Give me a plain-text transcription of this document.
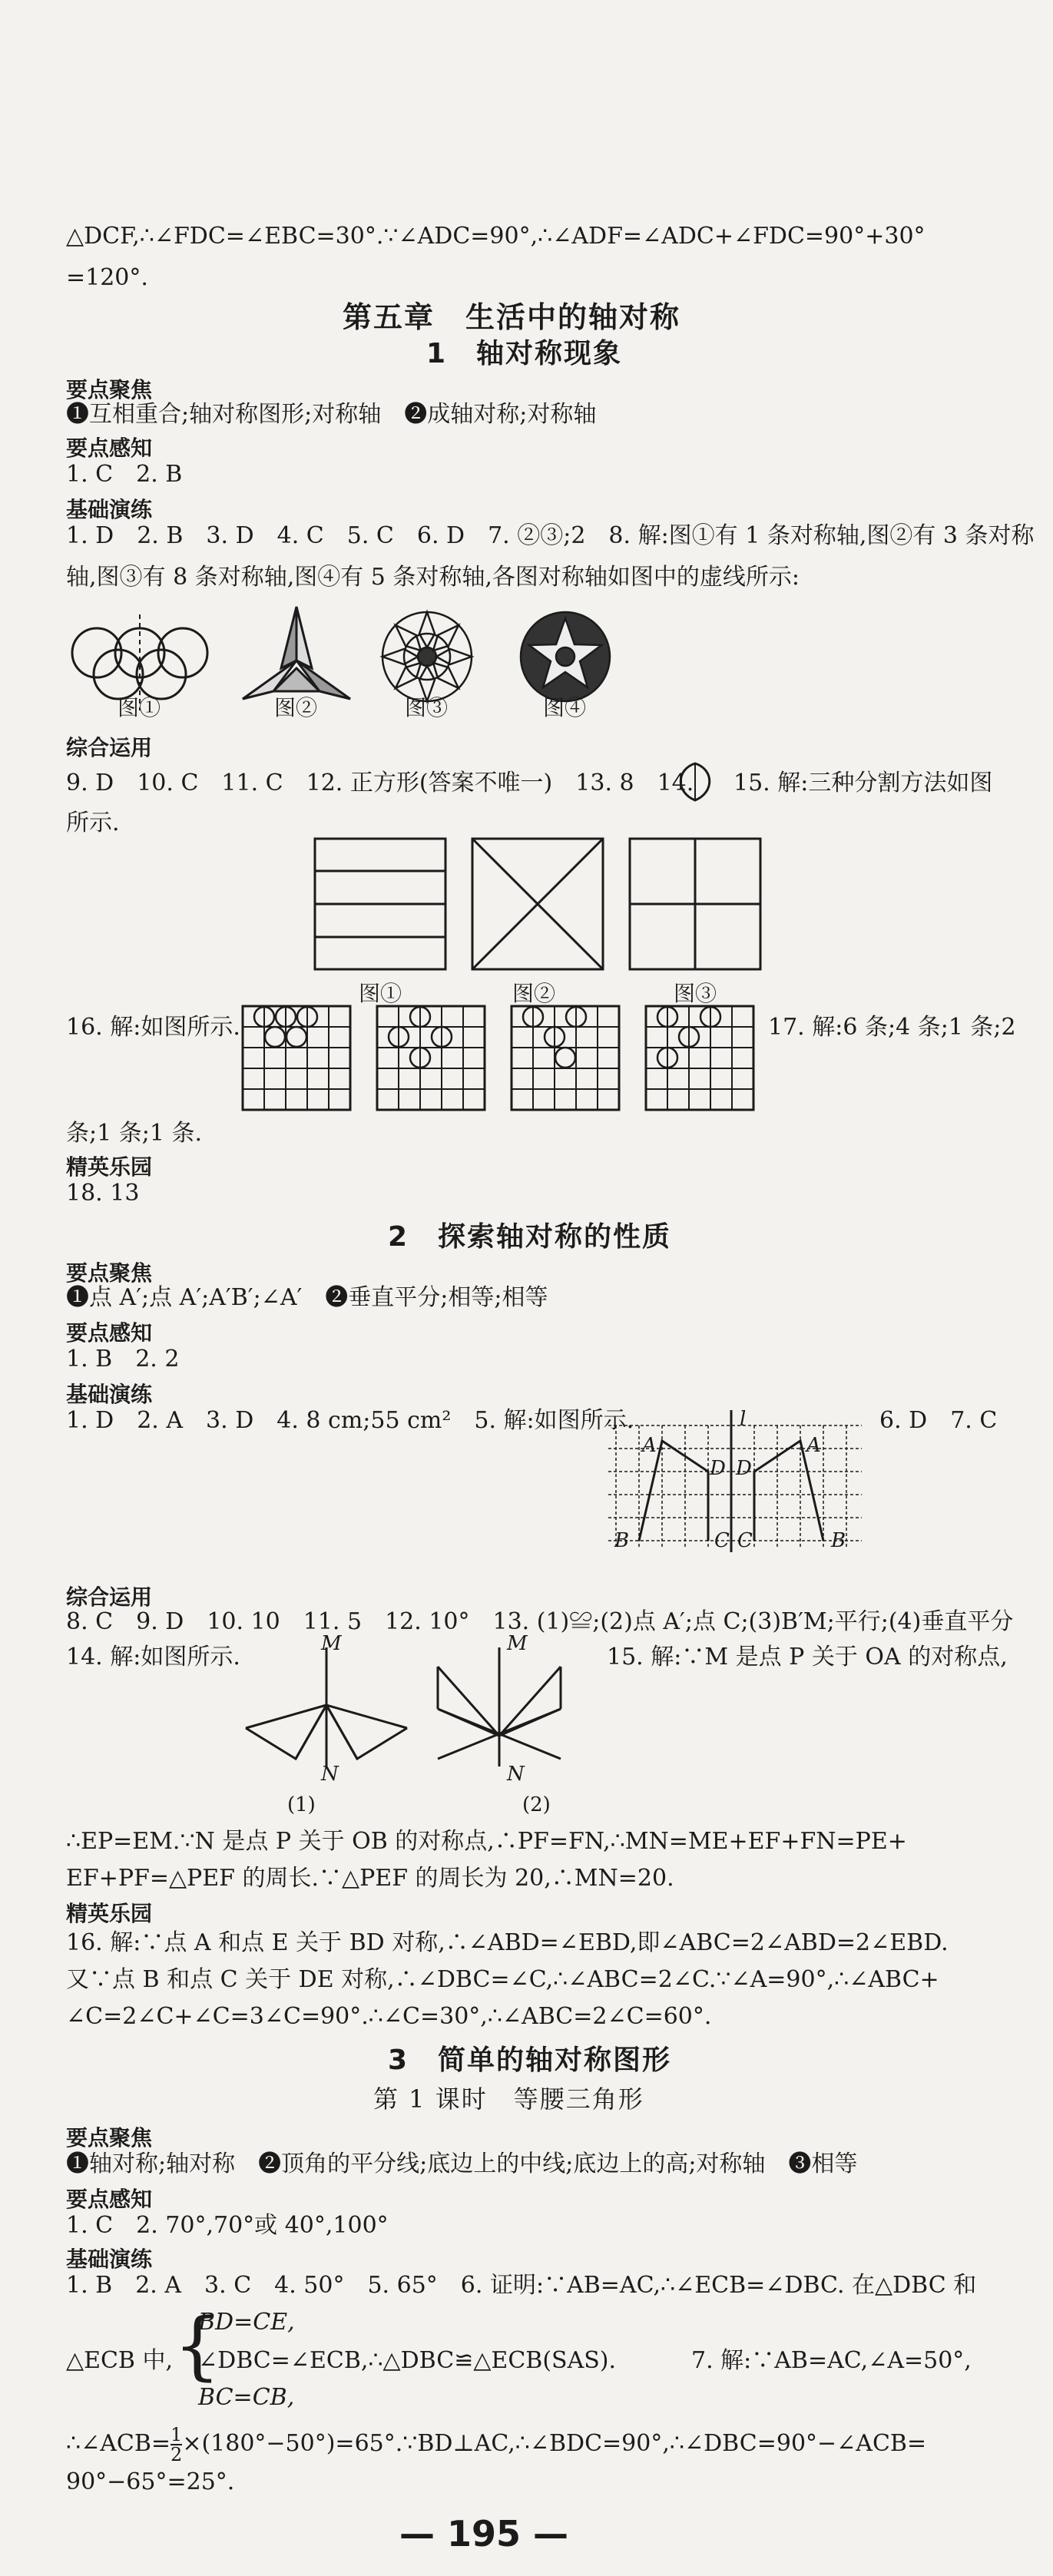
△DCF,∴∠FDC=∠EBC=30°.∵∠ADC=90°,∴∠ADF=∠ADC+∠FDC=90°+30°
=120°.
第五章　生活中的轴对称
1　轴对称现象
要点聚焦
❶互相重合;轴对称图形;对称轴　❷成轴对称;对称轴
要点感知
1. C　2. B
基础演练
1. D　2. B　3. D　4. C　5. C　6. D　7. ②③;2　8. 解:图①有 1 条对称轴,图②有 3 条对称
轴,图③有 8 条对称轴,图④有 5 条对称轴,各图对称轴如图中的虚线所示:
图①	图②	图③	图④
综合运用
9. D　10. C　11. C　12. 正方形(答案不唯一)　13. 8　14. 15. 解:三种分割方法如图
所示.
图①	图②	图③
16. 解:如图所示.	17. 解:6 条;4 条;1 条;2
条;1 条;1 条.
精英乐园
18. 13
2　探索轴对称的性质
要点聚焦
❶点 A′;点 A′;A′B′;∠A′　❷垂直平分;相等;相等
要点感知
1. B　2. 2
基础演练
1. D　2. A　3. D　4. 8 cm;55 cm²　5. 解:如图所示.	l
A
D D
A
B	C C	B
6. D　7. C
综合运用
8. C　9. D　10. 10　11. 5　12. 10°　13. (1)≌;(2)点 A′;点 C;(3)B′M;平行;(4)垂直平分
14. 解:如图所示.	15. 解:∵M 是点 P 关于 OA 的对称点,
M
N
(1)
M
N
(2)
∴EP=EM.∵N 是点 P 关于 OB 的对称点,∴PF=FN,∴MN=ME+EF+FN=PE+
EF+PF=△PEF 的周长.∵△PEF 的周长为 20,∴MN=20.
精英乐园
16. 解:∵点 A 和点 E 关于 BD 对称,∴∠ABD=∠EBD,即∠ABC=2∠ABD=2∠EBD.
又∵点 B 和点 C 关于 DE 对称,∴∠DBC=∠C,∴∠ABC=2∠C.∵∠A=90°,∴∠ABC+
∠C=2∠C+∠C=3∠C=90°.∴∠C=30°,∴∠ABC=2∠C=60°.
3　简单的轴对称图形
第 1 课时　等腰三角形
要点聚焦
❶轴对称;轴对称　❷顶角的平分线;底边上的中线;底边上的高;对称轴　❸相等
要点感知
1. C　2. 70°,70°或 40°,100°
基础演练
1. B　2. A　3. C　4. 50°　5. 65°　6. 证明:∵AB=AC,∴∠ECB=∠DBC. 在△DBC 和
△ECB 中, {
BD=CE,
∠DBC=∠ECB,∴△DBC≌△ECB(SAS).
BC=CB,
7. 解:∵AB=AC,∠A=50°,
∴∠ACB= $\frac{1}{2}$ ×(180°−50°)=65°.∵BD⊥AC,∴∠BDC=90°,∴∠DBC=90°−∠ACB=
90°−65°=25°.
— 195 —
